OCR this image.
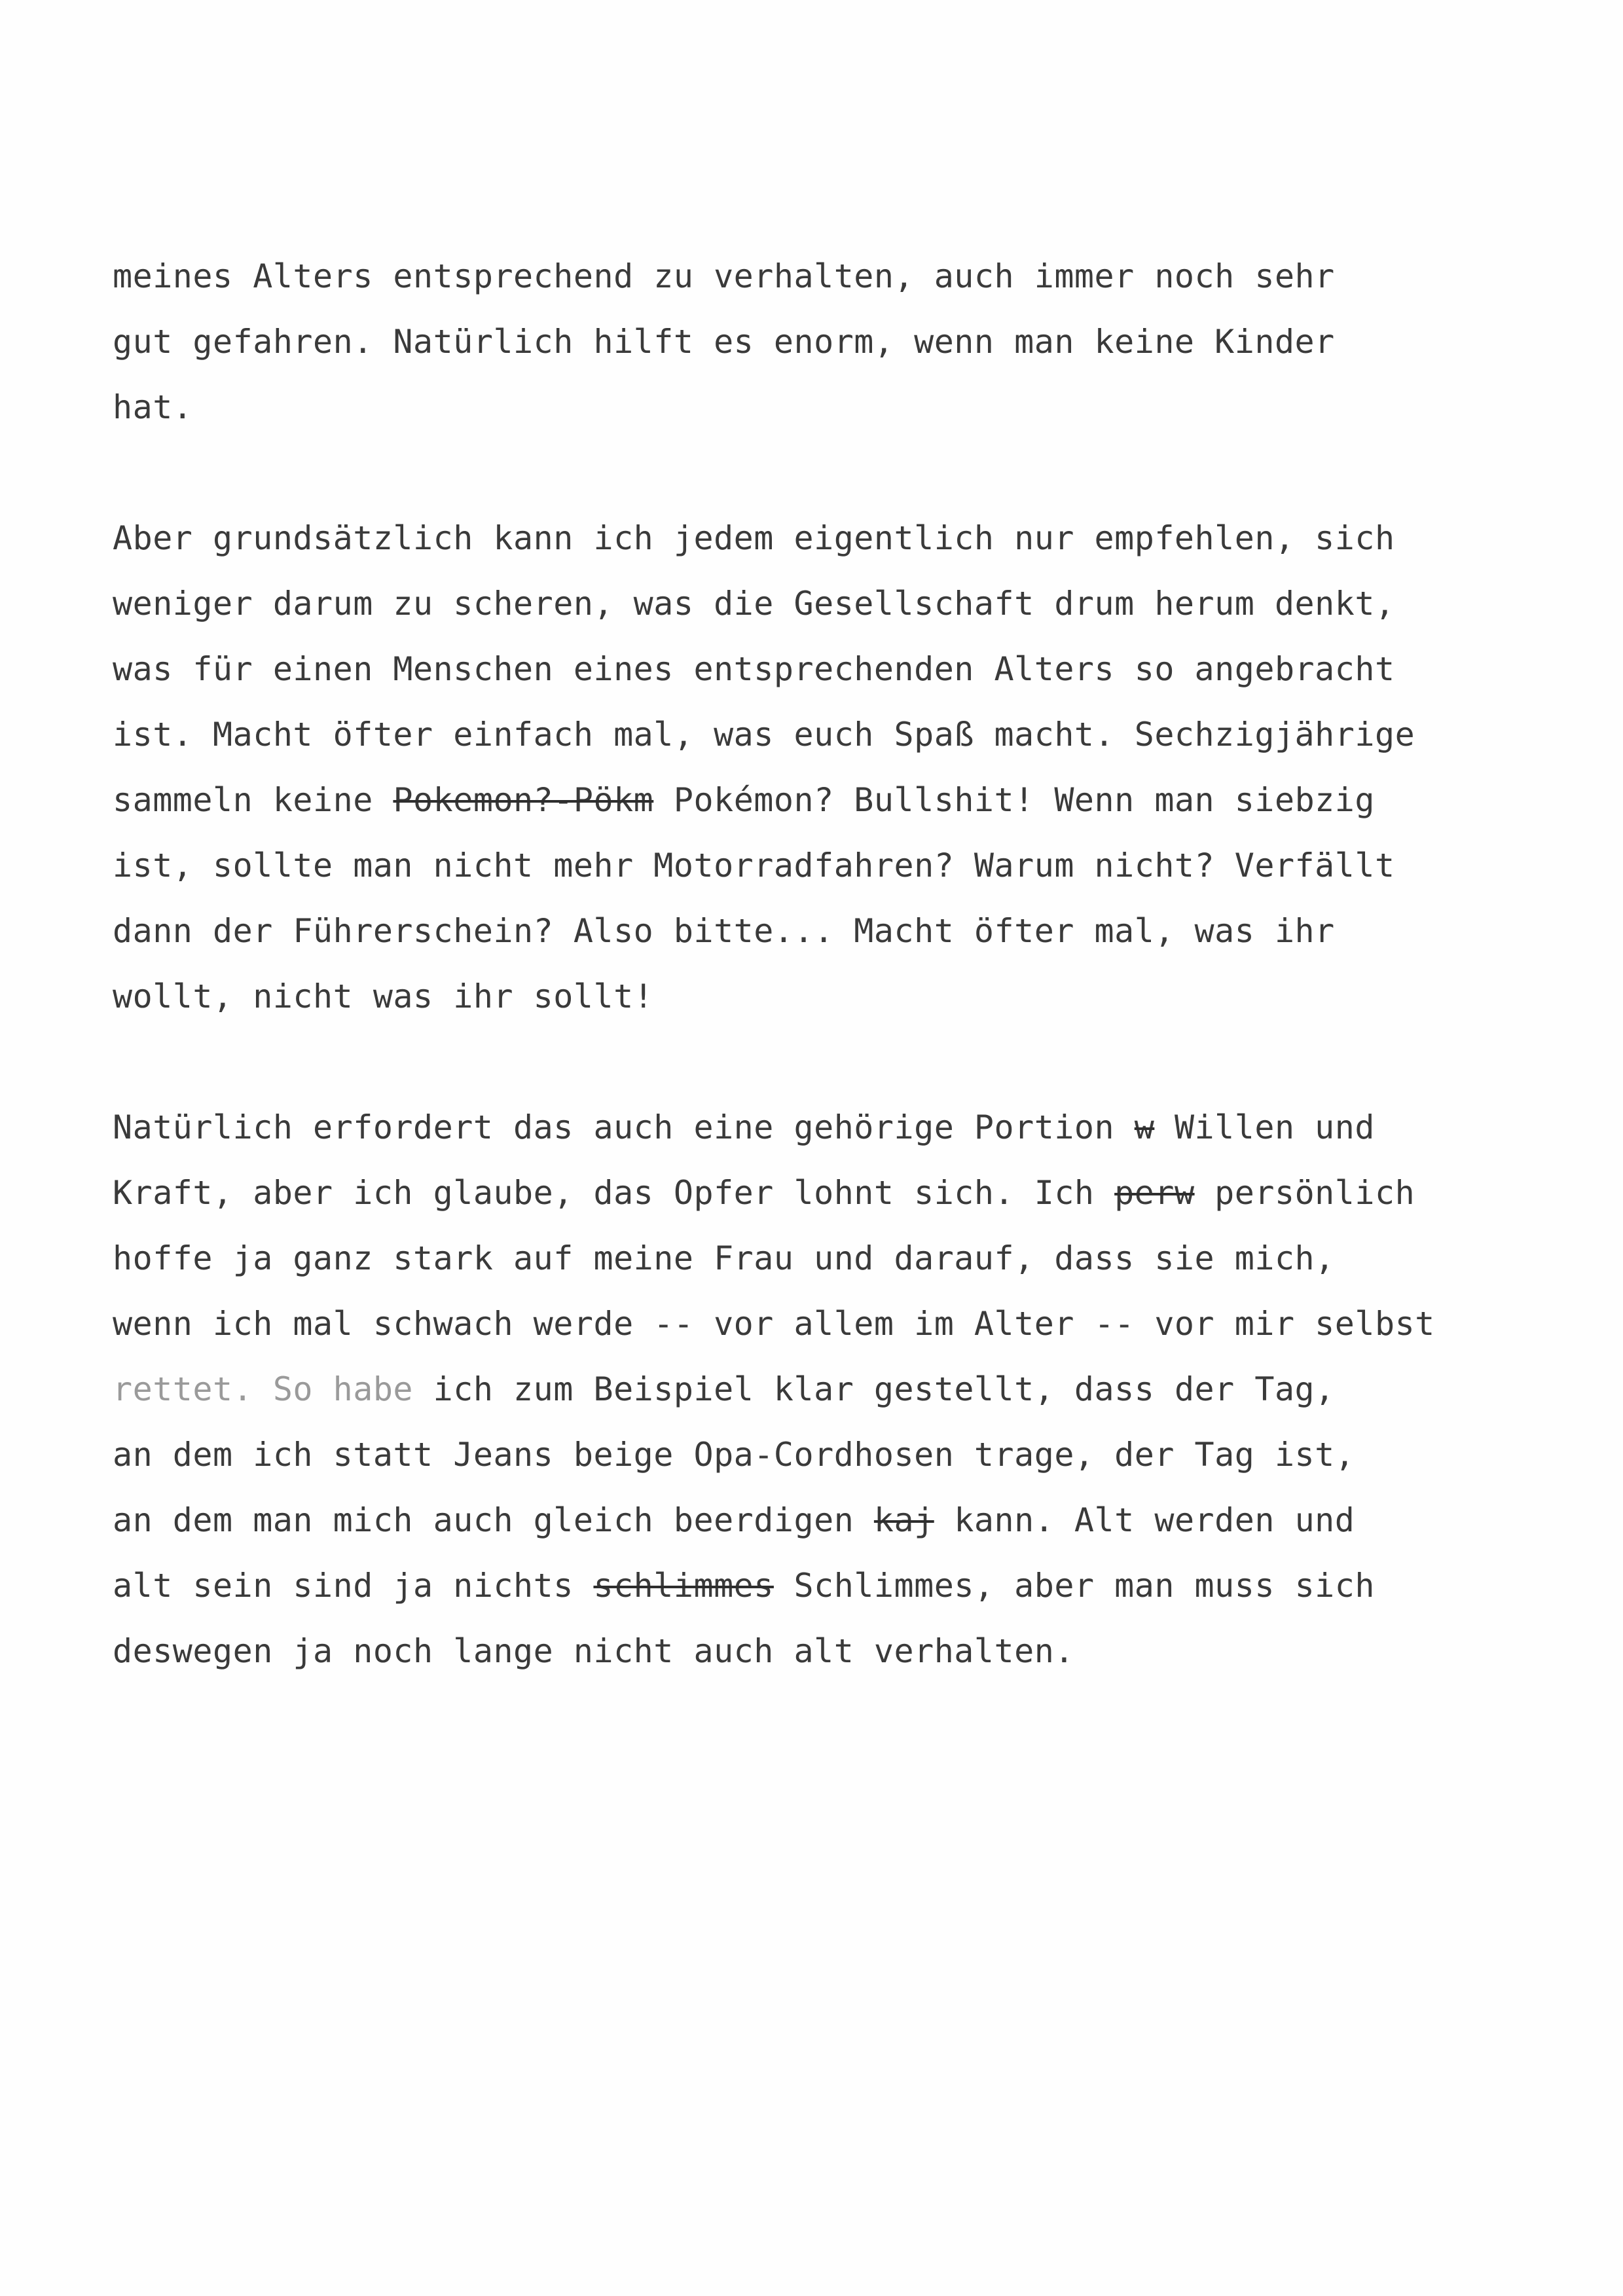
meines Alters entsprechend zu verhalten, auch immer noch sehr
gut gefahren. Natürlich hilft es enorm, wenn man keine Kinder
hat.
Aber grundsätzlich kann ich jedem eigentlich nur empfehlen, sich
weniger darum zu scheren, was die Gesellschaft drum herum denkt,
was für einen Menschen eines entsprechenden Alters so angebracht
ist. Macht öfter einfach mal, was euch Spaß macht. Sechzigjährige
sammeln keine Pokemon?-Pökm Pokémon? Bullshit! Wenn man siebzig
ist, sollte man nicht mehr Motorradfahren? Warum nicht? Verfällt
dann der Führerschein? Also bitte... Macht öfter mal, was ihr
wollt, nicht was ihr sollt!
Natürlich erfordert das auch eine gehörige Portion w Willen und
Kraft, aber ich glaube, das Opfer lohnt sich. Ich perw persönlich
hoffe ja ganz stark auf meine Frau und darauf, dass sie mich,
wenn ich mal schwach werde -- vor allem im Alter -- vor mir selbst
rettet. So habe ich zum Beispiel klar gestellt, dass der Tag,
an dem ich statt Jeans beige Opa-Cordhosen trage, der Tag ist,
an dem man mich auch gleich beerdigen kaj kann. Alt werden und
alt sein sind ja nichts schlimmes Schlimmes, aber man muss sich
deswegen ja noch lange nicht auch alt verhalten.
